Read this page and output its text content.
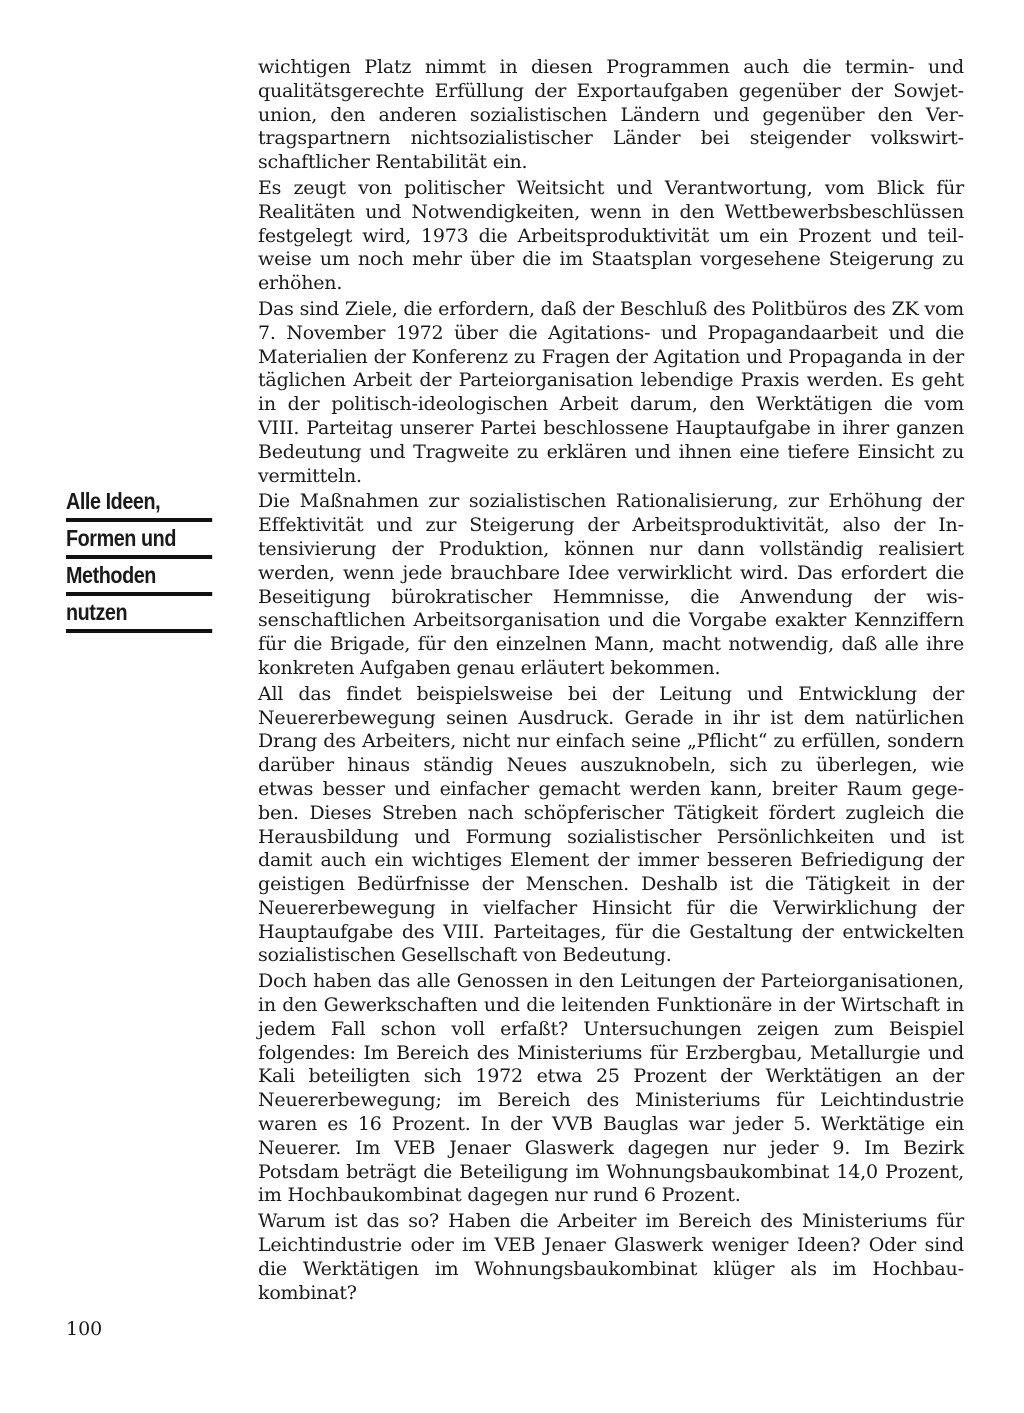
Alle Ideen,
Formen und
Methoden
nutzen

wichtigen Platz nimmt in diesen Programmen auch die termin- und qualitätsgerechte Erfüllung der Exportaufgaben gegenüber der Sowjetunion, den anderen sozialistischen Ländern und gegenüber den Vertragspartnern nichtsozialistischer Länder bei steigender volkswirtschaftlicher Rentabilität ein.

Es zeugt von politischer Weitsicht und Verantwortung, vom Blick für Realitäten und Notwendigkeiten, wenn in den Wettbewerbsbeschlüssen festgelegt wird, 1973 die Arbeitsproduktivität um ein Prozent und teilweise um noch mehr über die im Staatsplan vorgesehene Steigerung zu erhöhen.

Das sind Ziele, die erfordern, daß der Beschluß des Politbüros des ZK vom 7. November 1972 über die Agitations- und Propagandaarbeit und die Materialien der Konferenz zu Fragen der Agitation und Propaganda in der täglichen Arbeit der Parteiorganisation lebendige Praxis werden. Es geht in der politisch-ideologischen Arbeit darum, den Werktätigen die vom VIII. Parteitag unserer Partei beschlossene Hauptaufgabe in ihrer ganzen Bedeutung und Tragweite zu erklären und ihnen eine tiefere Einsicht zu vermitteln.

Die Maßnahmen zur sozialistischen Rationalisierung, zur Erhöhung der Effektivität und zur Steigerung der Arbeitsproduktivität, also der Intensivierung der Produktion, können nur dann vollständig realisiert werden, wenn jede brauchbare Idee verwirklicht wird. Das erfordert die Beseitigung bürokratischer Hemmnisse, die Anwendung der wissenschaftlichen Arbeitsorganisation und die Vorgabe exakter Kennziffern für die Brigade, für den einzelnen Mann, macht notwendig, daß alle ihre konkreten Aufgaben genau erläutert bekommen.

All das findet beispielsweise bei der Leitung und Entwicklung der Neuererbewegung seinen Ausdruck. Gerade in ihr ist dem natürlichen Drang des Arbeiters, nicht nur einfach seine „Pflicht“ zu erfüllen, sondern darüber hinaus ständig Neues auszuknobeln, sich zu überlegen, wie etwas besser und einfacher gemacht werden kann, breiter Raum gegeben. Dieses Streben nach schöpferischer Tätigkeit fördert zugleich die Herausbildung und Formung sozialistischer Persönlichkeiten und ist damit auch ein wichtiges Element der immer besseren Befriedigung der geistigen Bedürfnisse der Menschen. Deshalb ist die Tätigkeit in der Neuererbewegung in vielfacher Hinsicht für die Verwirklichung der Hauptaufgabe des VIII. Parteitages, für die Gestaltung der entwickelten sozialistischen Gesellschaft von Bedeutung.

Doch haben das alle Genossen in den Leitungen der Parteiorganisationen, in den Gewerkschaften und die leitenden Funktionäre in der Wirtschaft in jedem Fall schon voll erfaßt? Untersuchungen zeigen zum Beispiel folgendes: Im Bereich des Ministeriums für Erzbergbau, Metallurgie und Kali beteiligten sich 1972 etwa 25 Prozent der Werktätigen an der Neuererbewegung; im Bereich des Ministeriums für Leichtindustrie waren es 16 Prozent. In der VVB Bauglas war jeder 5. Werktätige ein Neuerer. Im VEB Jenaer Glaswerk dagegen nur jeder 9. Im Bezirk Potsdam beträgt die Beteiligung im Wohnungsbaukombinat 14,0 Prozent, im Hochbaukombinat dagegen nur rund 6 Prozent.

Warum ist das so? Haben die Arbeiter im Bereich des Ministeriums für Leichtindustrie oder im VEB Jenaer Glaswerk weniger Ideen? Oder sind die Werktätigen im Wohnungsbaukombinat klüger als im Hochbaukombinat?

100
